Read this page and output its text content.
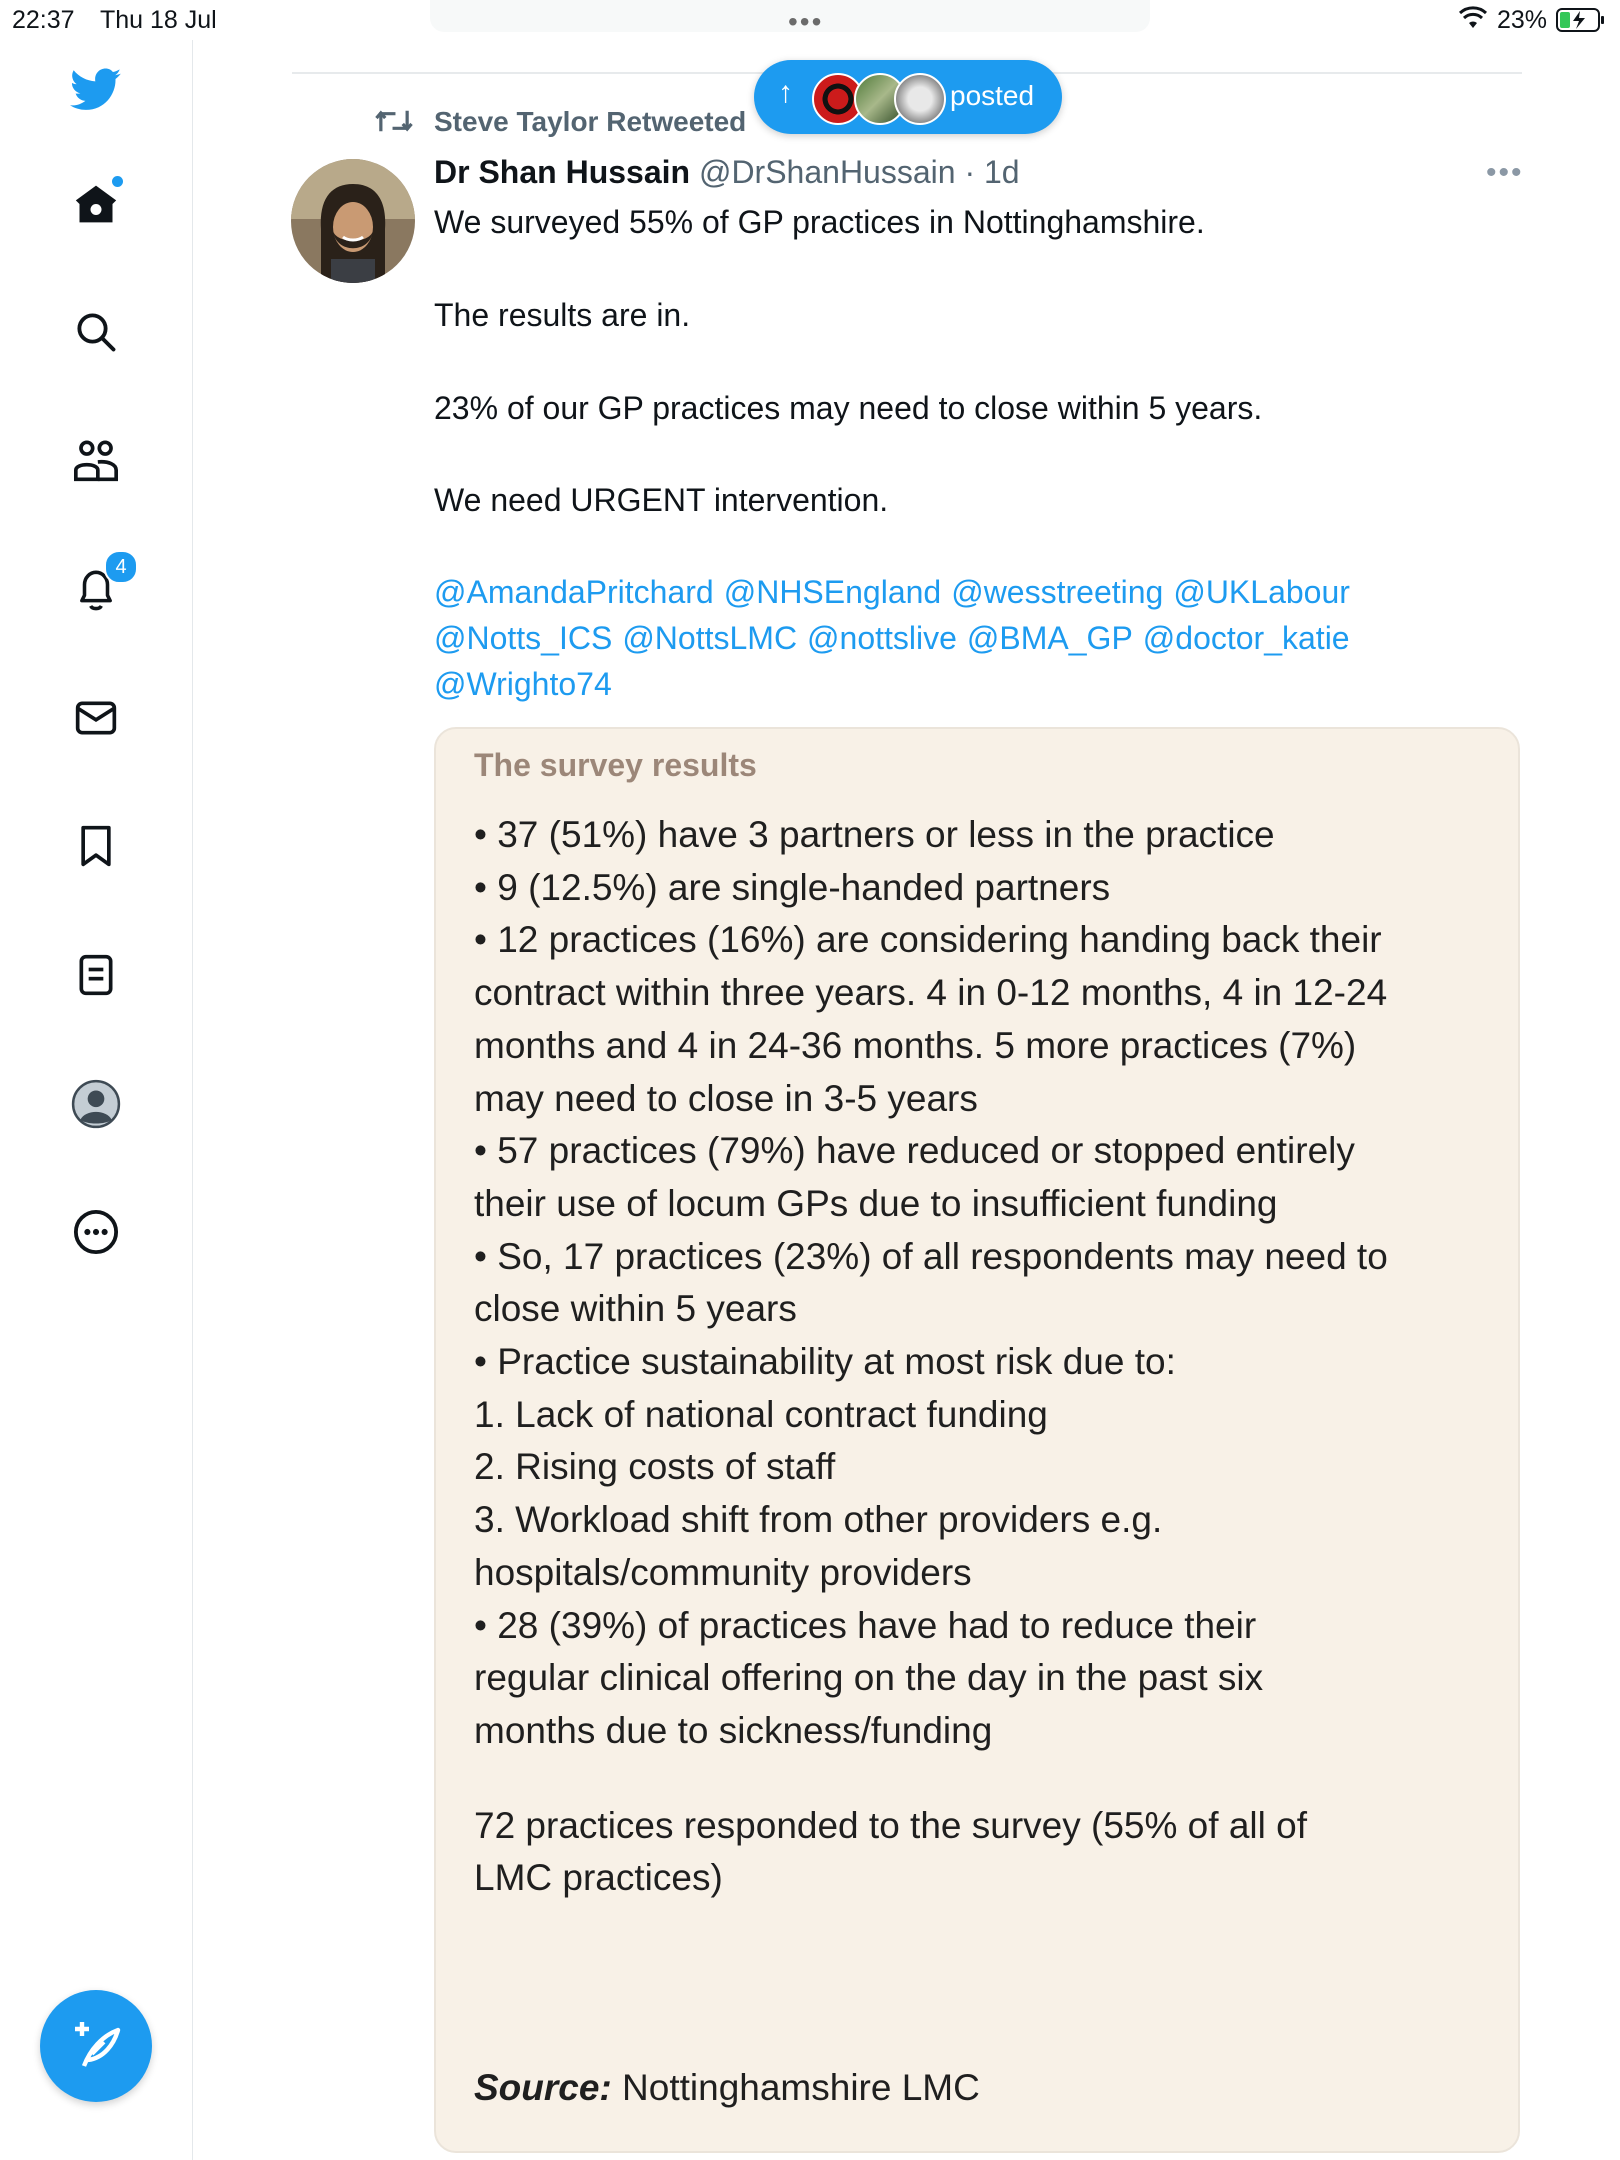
22:37 Thu 18 Jul	•••	23%
4
↑	posted
Steve Taylor Retweeted
Dr Shan Hussain @DrShanHussain · 1d	•••
We surveyed 55% of GP practices in Nottinghamshire.
The results are in.
23% of our GP practices may need to close within 5 years.
We need URGENT intervention.
@AmandaPritchard @NHSEngland @wesstreeting @UKLabour
@Notts_ICS @NottsLMC @nottslive @BMA_GP @doctor_katie
@Wrighto74
The survey results
• 37 (51%) have 3 partners or less in the practice
• 9 (12.5%) are single-handed partners
• 12 practices (16%) are considering handing back their
contract within three years. 4 in 0-12 months, 4 in 12-24
months and 4 in 24-36 months. 5 more practices (7%)
may need to close in 3-5 years
• 57 practices (79%) have reduced or stopped entirely
their use of locum GPs due to insufficient funding
• So, 17 practices (23%) of all respondents may need to
close within 5 years
• Practice sustainability at most risk due to:
1. Lack of national contract funding
2. Rising costs of staff
3. Workload shift from other providers e.g.
hospitals/community providers
• 28 (39%) of practices have had to reduce their
regular clinical offering on the day in the past six
months due to sickness/funding
72 practices responded to the survey (55% of all of
LMC practices)
Source: Nottinghamshire LMC
